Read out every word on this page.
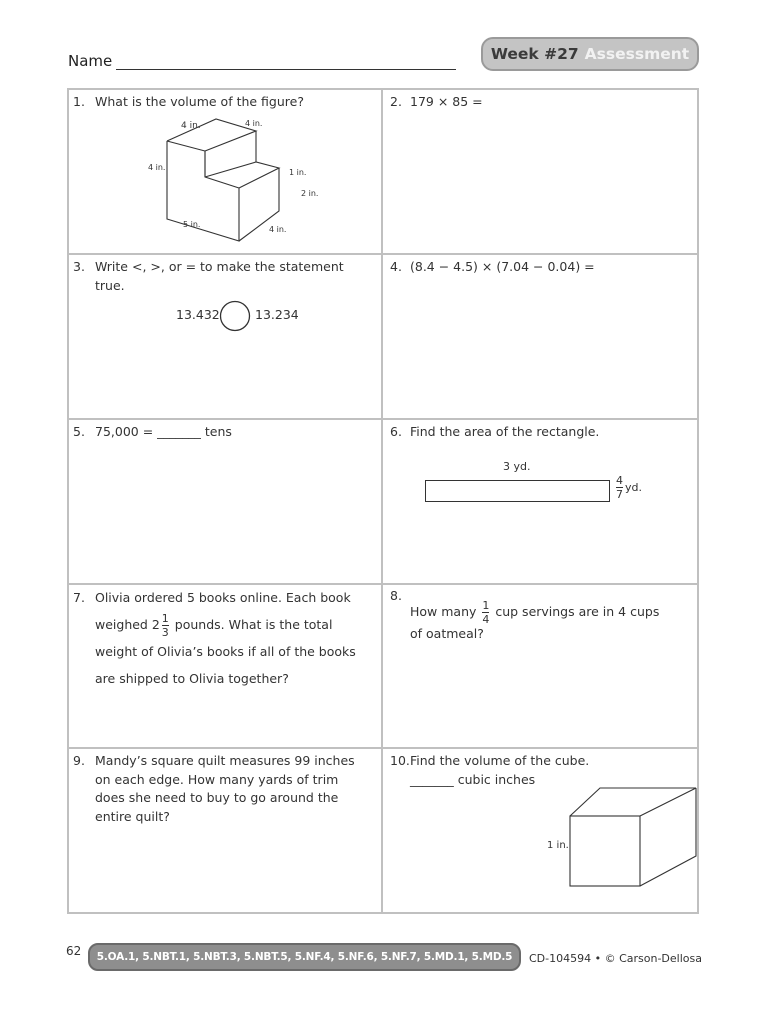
Name	Week #27 Assessment
1. What is the volume of the figure?
4 in.	4 in.
4 in.
1 in.
2 in.
5 in.
4 in.
2. 179 × 85 =
3. Write <, >, or = to make the statement true.
13.432	13.234
4. (8.4 − 4.5) × (7.04 − 0.04) =
5. 75,000 = _______ tens	6. Find the area of the rectangle.
3 yd.
$\frac{4}{7}$ yd.
7. Olivia ordered 5 books online. Each book
weighed $2 \frac{1}{3}$ pounds. What is the total
weight of Olivia’s books if all of the books
are shipped to Olivia together?
8.
How many $\frac{1}{4}$ cup servings are in 4 cups
of oatmeal?
9. Mandy’s square quilt measures 99 inches on each edge. How many yards of trim does she need to buy to go around the entire quilt?
10. Find the volume of the cube.
_______ cubic inches
1 in.
62	5.OA.1, 5.NBT.1, 5.NBT.3, 5.NBT.5, 5.NF.4, 5.NF.6, 5.NF.7, 5.MD.1, 5.MD.5	CD-104594 • © Carson-Dellosa
